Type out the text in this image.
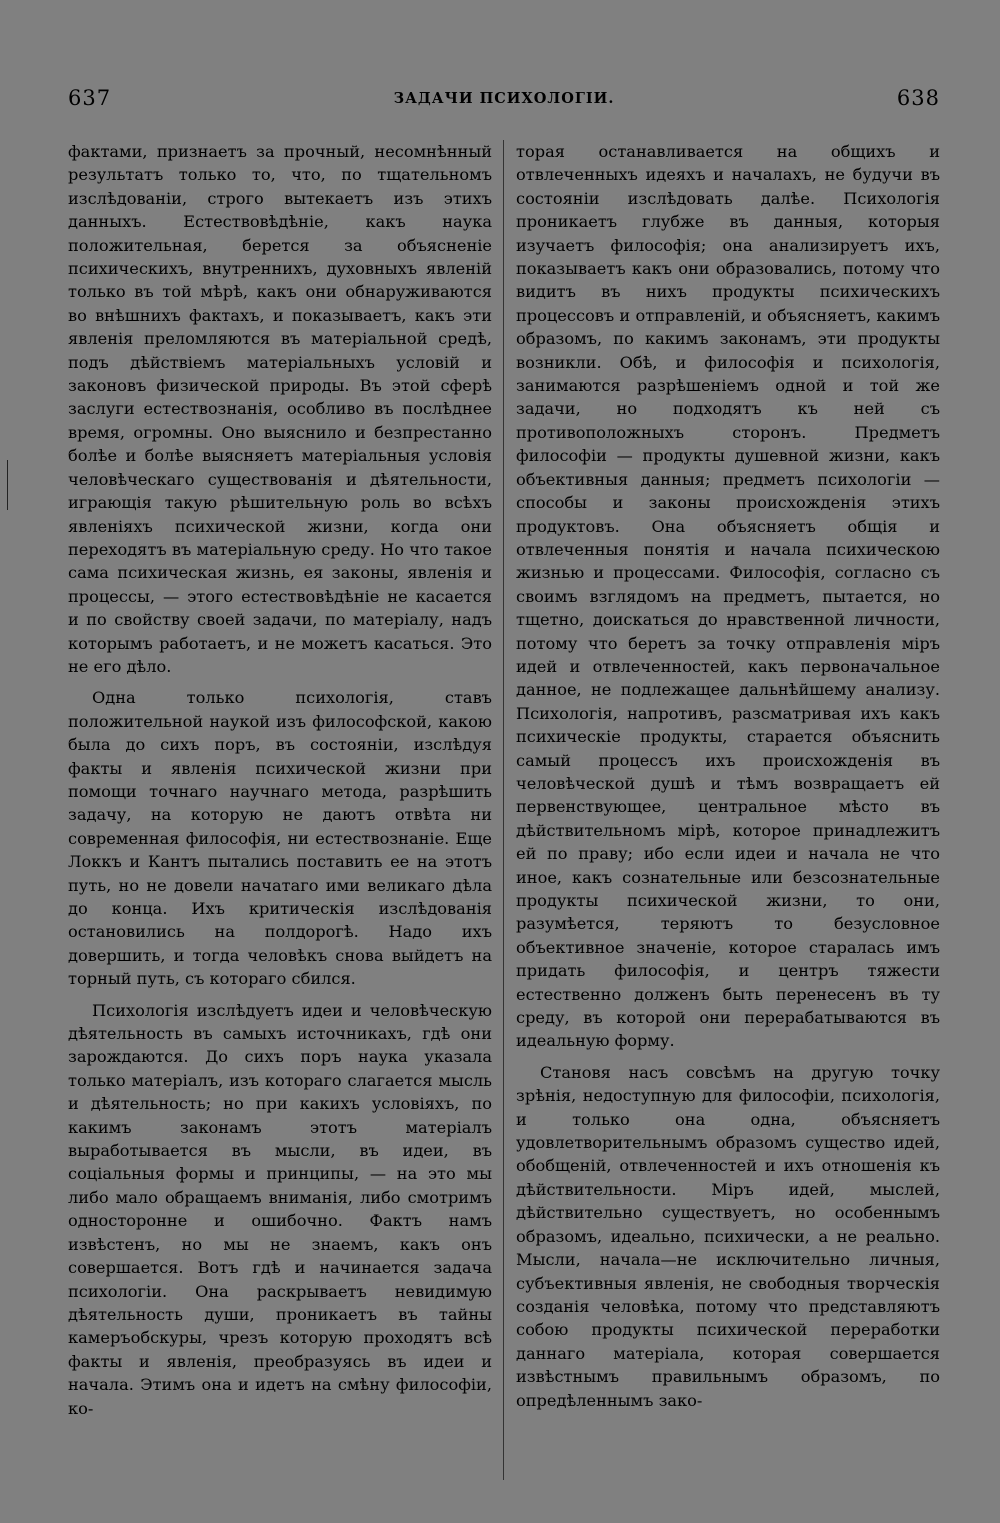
637	ЗАДАЧИ ПСИХОЛОГІИ.	638

фактами, признаетъ за прочный, несомнѣнный результатъ только то, что, по тщательномъ изслѣдованіи, строго вытекаетъ изъ этихъ данныхъ. Естествовѣдѣніе, какъ наука положительная, берется за объясненіе психическихъ, внутреннихъ, духовныхъ явленій только въ той мѣрѣ, какъ они обнаруживаются во внѣшнихъ фактахъ, и показываетъ, какъ эти явленія преломляются въ матеріальной средѣ, подъ дѣйствіемъ матеріальныхъ условій и законовъ физической природы. Въ этой сферѣ заслуги естествознанія, особливо въ послѣднее время, огромны. Оно выяснило и безпрестанно болѣе и болѣе выясняетъ матеріальныя условія человѣческаго существованія и дѣятельности, играющія такую рѣшительную роль во всѣхъ явленіяхъ психической жизни, когда они переходятъ въ матеріальную среду. Но что такое сама психическая жизнь, ея законы, явленія и процессы, — этого естествовѣдѣніе не касается и по свойству своей задачи, по матеріалу, надъ которымъ работаетъ, и не можетъ касаться. Это не его дѣло.

Одна только психологія, ставъ положительной наукой изъ философской, какою была до сихъ поръ, въ состояніи, изслѣдуя факты и явленія психической жизни при помощи точнаго научнаго метода, разрѣшить задачу, на которую не даютъ отвѣта ни современная философія, ни естествознаніе. Еще Локкъ и Кантъ пытались поставить ее на этотъ путь, но не довели начатаго ими великаго дѣла до конца. Ихъ критическія изслѣдованія остановились на полдорогѣ. Надо ихъ довершить, и тогда человѣкъ снова выйдетъ на торный путь, съ котораго сбился.

Психологія изслѣдуетъ идеи и человѣческую дѣятельность въ самыхъ источникахъ, гдѣ они зарождаются. До сихъ поръ наука указала только матеріалъ, изъ котораго слагается мысль и дѣятельность; но при какихъ условіяхъ, по какимъ законамъ этотъ матеріалъ выработывается въ мысли, въ идеи, въ соціальныя формы и принципы, — на это мы либо мало обращаемъ вниманія, либо смотримъ односторонне и ошибочно. Фактъ намъ извѣстенъ, но мы не знаемъ, какъ онъ совершается. Вотъ гдѣ и начинается задача психологіи. Она раскрываетъ невидимую дѣятельность души, проникаетъ въ тайны камеръобскуры, чрезъ которую проходятъ всѣ факты и явленія, преобразуясь въ идеи и начала. Этимъ она и идетъ на смѣну философіи, ко-

торая останавливается на общихъ и отвлеченныхъ идеяхъ и началахъ, не будучи въ состояніи изслѣдовать далѣе. Психологія проникаетъ глубже въ данныя, которыя изучаетъ философія; она анализируетъ ихъ, показываетъ какъ они образовались, потому что видитъ въ нихъ продукты психическихъ процессовъ и отправленій, и объясняетъ, какимъ образомъ, по какимъ законамъ, эти продукты возникли. Обѣ, и философія и психологія, занимаются разрѣшеніемъ одной и той же задачи, но подходятъ къ ней съ противоположныхъ сторонъ. Предметъ философіи — продукты душевной жизни, какъ объективныя данныя; предметъ психологіи — способы и законы происхожденія этихъ продуктовъ. Она объясняетъ общія и отвлеченныя понятія и начала психическою жизнью и процессами. Философія, согласно съ своимъ взглядомъ на предметъ, пытается, но тщетно, доискаться до нравственной личности, потому что беретъ за точку отправленія міръ идей и отвлеченностей, какъ первоначальное данное, не подлежащее дальнѣйшему анализу. Психологія, напротивъ, разсматривая ихъ какъ психическіе продукты, старается объяснить самый процессъ ихъ происхожденія въ человѣческой душѣ и тѣмъ возвращаетъ ей первенствующее, центральное мѣсто въ дѣйствительномъ мірѣ, которое принадлежитъ ей по праву; ибо если идеи и начала не что иное, какъ сознательные или безсознательные продукты психической жизни, то они, разумѣется, теряютъ то безусловное объективное значеніе, которое старалась имъ придать философія, и центръ тяжести естественно долженъ быть перенесенъ въ ту среду, въ которой они перерабатываются въ идеальную форму.

Становя насъ совсѣмъ на другую точку зрѣнія, недоступную для философіи, психологія, и только она одна, объясняетъ удовлетворительнымъ образомъ существо идей, обобщеній, отвлеченностей и ихъ отношенія къ дѣйствительности. Міръ идей, мыслей, дѣйствительно существуетъ, но особеннымъ образомъ, идеально, психически, а не реально. Мысли, начала—не исключительно личныя, субъективныя явленія, не свободныя творческія созданія человѣка, потому что представляютъ собою продукты психической переработки даннаго матеріала, которая совершается извѣстнымъ правильнымъ образомъ, по опредѣленнымъ зако-
